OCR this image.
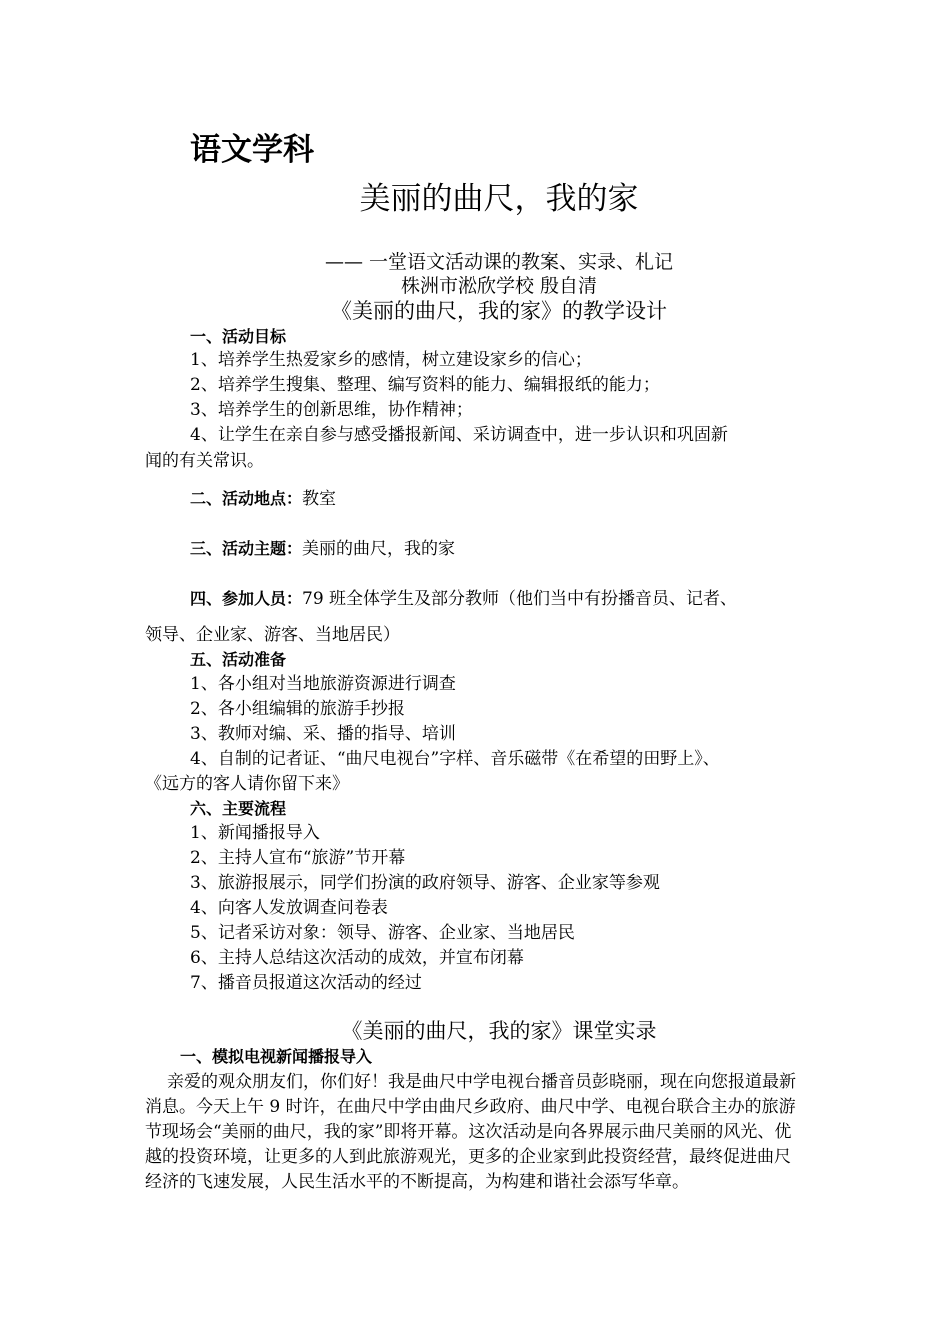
语文学科
美丽的曲尺，我的家
—— 一堂语文活动课的教案、实录、札记
株洲市淞欣学校 殷自清
《美丽的曲尺，我的家》的教学设计
一、活动目标
1、培养学生热爱家乡的感情，树立建设家乡的信心；
2、培养学生搜集、整理、编写资料的能力、编辑报纸的能力；
3、培养学生的创新思维，协作精神；
4、让学生在亲自参与感受播报新闻、采访调查中，进一步认识和巩固新
闻的有关常识。
二、活动地点：教室
三、活动主题：美丽的曲尺，我的家
四、参加人员：79 班全体学生及部分教师（他们当中有扮播音员、记者、
领导、企业家、游客、当地居民）
五、活动准备
1、各小组对当地旅游资源进行调查
2、各小组编辑的旅游手抄报
3、教师对编、采、播的指导、培训
4、自制的记者证、“曲尺电视台”字样、音乐磁带《在希望的田野上》、
《远方的客人请你留下来》
六、主要流程
1、新闻播报导入
2、主持人宣布“旅游”节开幕
3、旅游报展示，同学们扮演的政府领导、游客、企业家等参观
4、向客人发放调查问卷表
5、记者采访对象：领导、游客、企业家、当地居民
6、主持人总结这次活动的成效，并宣布闭幕
7、播音员报道这次活动的经过
《美丽的曲尺，我的家》课堂实录
一、模拟电视新闻播报导入
亲爱的观众朋友们，你们好！我是曲尺中学电视台播音员彭晓丽，现在向您报道最新消息。今天上午 9 时许，在曲尺中学由曲尺乡政府、曲尺中学、电视台联合主办的旅游节现场会“美丽的曲尺，我的家”即将开幕。这次活动是向各界展示曲尺美丽的风光、优越的投资环境，让更多的人到此旅游观光，更多的企业家到此投资经营，最终促进曲尺经济的飞速发展，人民生活水平的不断提高，为构建和谐社会添写华章。
